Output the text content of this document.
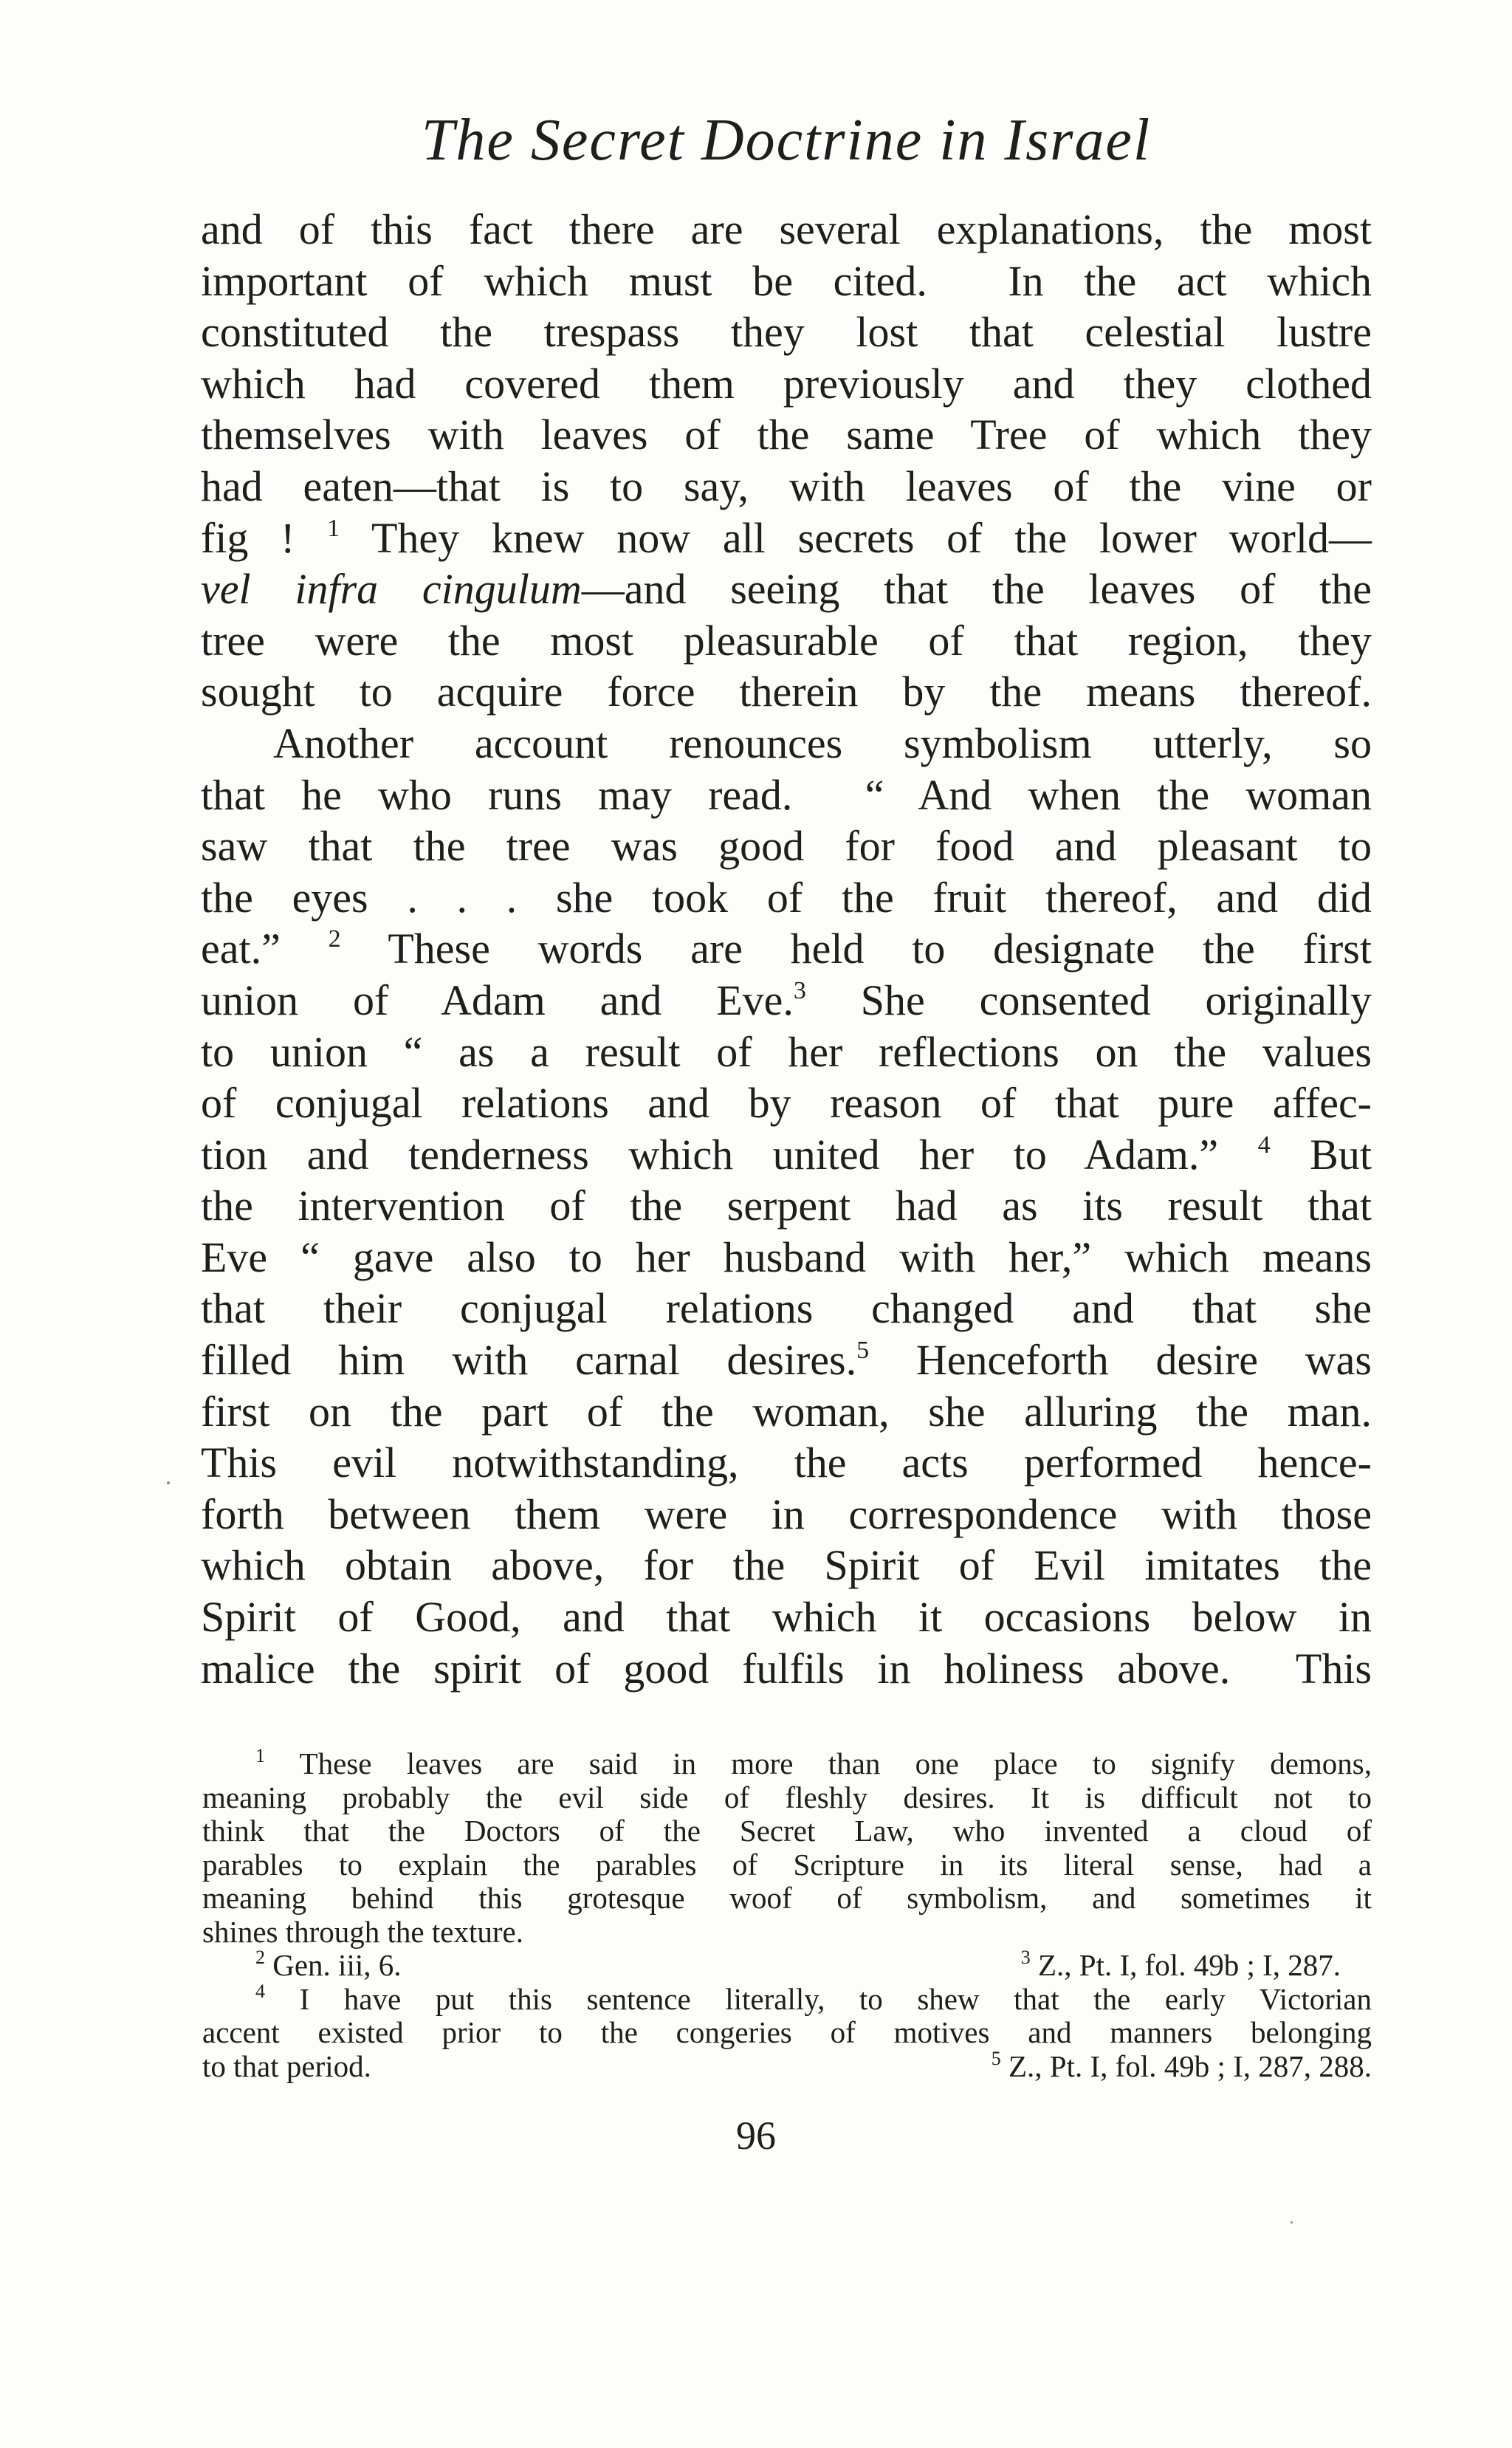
The Secret Doctrine in Israel
and of this fact there are several explanations, the most
important of which must be cited.  In the act which
constituted the trespass they lost that celestial lustre
which had covered them previously and they clothed
themselves with leaves of the same Tree of which they
had eaten—that is to say, with leaves of the vine or
fig ! $^1$ They knew now all secrets of the lower world—
vel infra cingulum—and seeing that the leaves of the
tree were the most pleasurable of that region, they
sought to acquire force therein by the means thereof.
Another account renounces symbolism utterly, so
that he who runs may read.  “ And when the woman
saw that the tree was good for food and pleasant to
the eyes . . . she took of the fruit thereof, and did
eat.” $^2$ These words are held to designate the first
union of Adam and Eve.$^3$ She consented originally
to union “ as a result of her reflections on the values
of conjugal relations and by reason of that pure affec-
tion and tenderness which united her to Adam.” $^4$ But
the intervention of the serpent had as its result that
Eve “ gave also to her husband with her,” which means
that their conjugal relations changed and that she
filled him with carnal desires.$^5$ Henceforth desire was
first on the part of the woman, she alluring the man.
This evil notwithstanding, the acts performed hence-
forth between them were in correspondence with those
which obtain above, for the Spirit of Evil imitates the
Spirit of Good, and that which it occasions below in
malice the spirit of good fulfils in holiness above.  This
$^1$ These leaves are said in more than one place to signify demons,
meaning probably the evil side of fleshly desires. It is difficult not to
think that the Doctors of the Secret Law, who invented a cloud of
parables to explain the parables of Scripture in its literal sense, had a
meaning behind this grotesque woof of symbolism, and sometimes it
shines through the texture.
$^2$ Gen. iii, 6.	$^3$ Z., Pt. I, fol. 49b ; I, 287.
$^4$ I have put this sentence literally, to shew that the early Victorian
accent existed prior to the congeries of motives and manners belonging
to that period.	$^5$ Z., Pt. I, fol. 49b ; I, 287, 288.
96
